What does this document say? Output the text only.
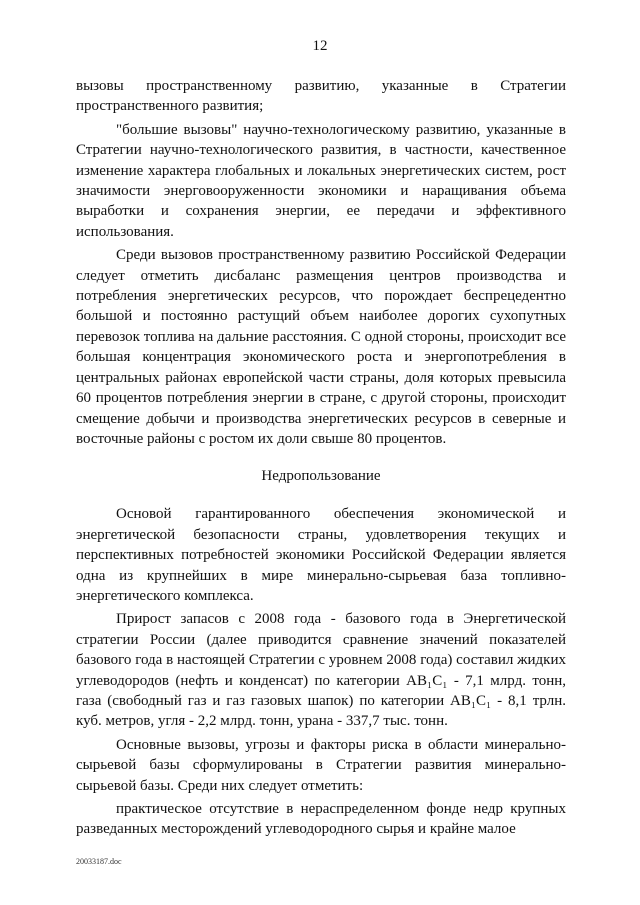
12

вызовы пространственному развитию, указанные в Стратегии пространственного развития;

"большие вызовы" научно-технологическому развитию, указанные в Стратегии научно-технологического развития, в частности, качественное изменение характера глобальных и локальных энергетических систем, рост значимости энерговооруженности экономики и наращивания объема выработки и сохранения энергии, ее передачи и эффективного использования.

Среди вызовов пространственному развитию Российской Федерации следует отметить дисбаланс размещения центров производства и потребления энергетических ресурсов, что порождает беспрецедентно большой и постоянно растущий объем наиболее дорогих сухопутных перевозок топлива на дальние расстояния. С одной стороны, происходит все большая концентрация экономического роста и энергопотребления в центральных районах европейской части страны, доля которых превысила 60 процентов потребления энергии в стране, с другой стороны, происходит смещение добычи и производства энергетических ресурсов в северные и восточные районы с ростом их доли свыше 80 процентов.

Недропользование

Основой гарантированного обеспечения экономической и энергетической безопасности страны, удовлетворения текущих и перспективных потребностей экономики Российской Федерации является одна из крупнейших в мире минерально-сырьевая база топливно-энергетического комплекса.

Прирост запасов с 2008 года - базового года в Энергетической стратегии России (далее приводится сравнение значений показателей базового года в настоящей Стратегии с уровнем 2008 года) составил жидких углеводородов (нефть и конденсат) по категории АВ₁С₁ - 7,1 млрд. тонн, газа (свободный газ и газ газовых шапок) по категории АВ₁С₁ - 8,1 трлн. куб. метров, угля - 2,2 млрд. тонн, урана - 337,7 тыс. тонн.

Основные вызовы, угрозы и факторы риска в области минерально-сырьевой базы сформулированы в Стратегии развития минерально-сырьевой базы. Среди них следует отметить:

практическое отсутствие в нераспределенном фонде недр крупных разведанных месторождений углеводородного сырья и крайне малое

20033187.doc
